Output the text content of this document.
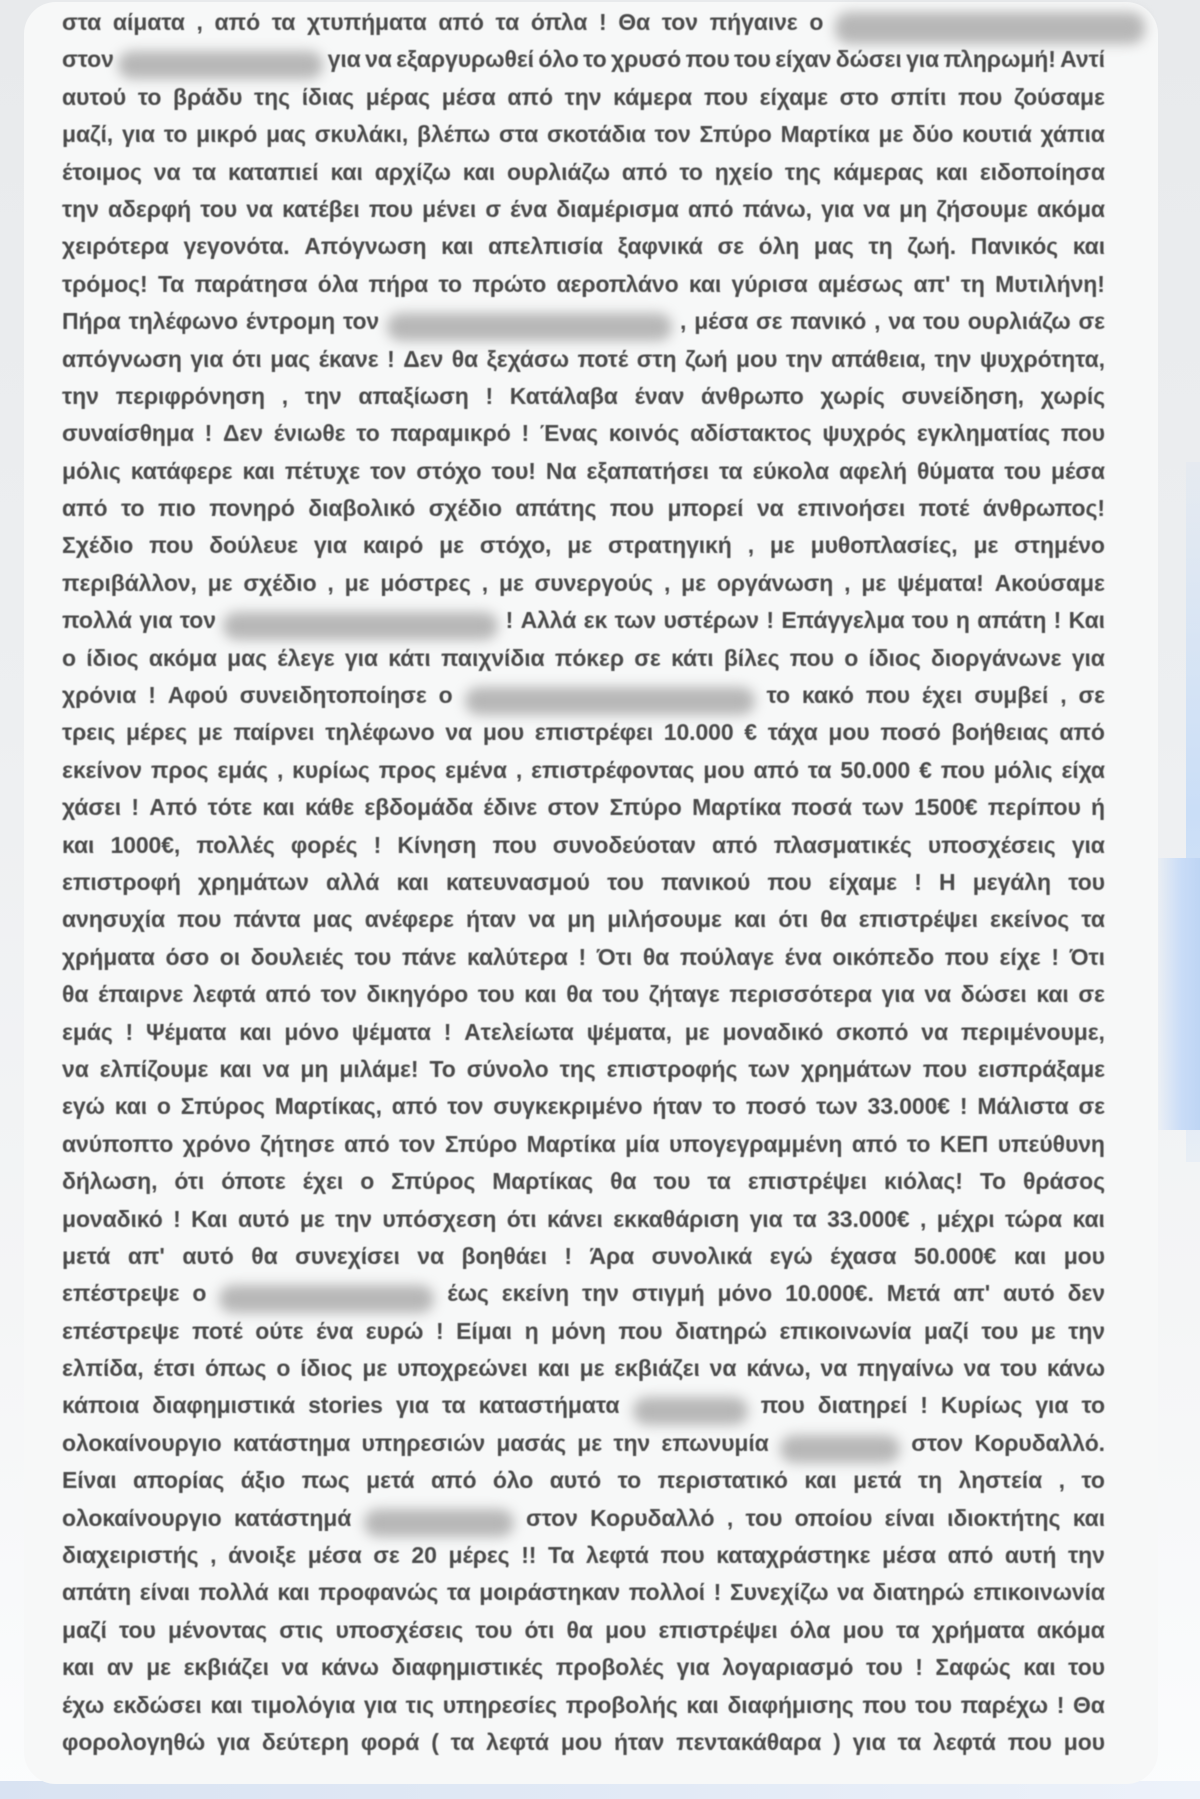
στα αίματα , από τα χτυπήματα από τα όπλα ! Θα τον πήγαινε ο
στον	για να εξαργυρωθεί όλο το χρυσό που του είχαν δώσει για πληρωμή! Αντί
αυτού το βράδυ της ίδιας μέρας μέσα από την κάμερα που είχαμε στο σπίτι που ζούσαμε
μαζί, για το μικρό μας σκυλάκι, βλέπω στα σκοτάδια τον Σπύρο Μαρτίκα με δύο κουτιά χάπια
έτοιμος να τα καταπιεί και αρχίζω και ουρλιάζω από το ηχείο της κάμερας και ειδοποίησα
την αδερφή του να κατέβει που μένει σ ένα διαμέρισμα από πάνω, για να μη ζήσουμε ακόμα
χειρότερα γεγονότα. Απόγνωση και απελπισία ξαφνικά σε όλη μας τη ζωή. Πανικός και
τρόμος! Τα παράτησα όλα πήρα το πρώτο αεροπλάνο και γύρισα αμέσως απ' τη Μυτιλήνη!
Πήρα τηλέφωνο έντρομη τον	, μέσα σε πανικό , να του ουρλιάζω σε
απόγνωση για ότι μας έκανε ! Δεν θα ξεχάσω ποτέ στη ζωή μου την απάθεια, την ψυχρότητα,
την περιφρόνηση , την απαξίωση ! Κατάλαβα έναν άνθρωπο χωρίς συνείδηση, χωρίς
συναίσθημα ! Δεν ένιωθε το παραμικρό ! Ένας κοινός αδίστακτος ψυχρός εγκληματίας που
μόλις κατάφερε και πέτυχε τον στόχο του! Να εξαπατήσει τα εύκολα αφελή θύματα του μέσα
από το πιο πονηρό διαβολικό σχέδιο απάτης που μπορεί να επινοήσει ποτέ άνθρωπος!
Σχέδιο που δούλευε για καιρό με στόχο, με στρατηγική , με μυθοπλασίες, με στημένο
περιβάλλον, με σχέδιο , με μόστρες , με συνεργούς , με οργάνωση , με ψέματα! Ακούσαμε
πολλά για τον	! Αλλά εκ των υστέρων ! Επάγγελμα του η απάτη ! Και
ο ίδιος ακόμα μας έλεγε για κάτι παιχνίδια πόκερ σε κάτι βίλες που ο ίδιος διοργάνωνε για
χρόνια ! Αφού συνειδητοποίησε ο	το κακό που έχει συμβεί , σε
τρεις μέρες με παίρνει τηλέφωνο να μου επιστρέφει 10.000 € τάχα μου ποσό βοήθειας από
εκείνον προς εμάς , κυρίως προς εμένα , επιστρέφοντας μου από τα 50.000 € που μόλις είχα
χάσει ! Από τότε και κάθε εβδομάδα έδινε στον Σπύρο Μαρτίκα ποσά των 1500€ περίπου ή
και 1000€, πολλές φορές ! Κίνηση που συνοδεύοταν από πλασματικές υποσχέσεις για
επιστροφή χρημάτων αλλά και κατευνασμού του πανικού που είχαμε ! Η μεγάλη του
ανησυχία που πάντα μας ανέφερε ήταν να μη μιλήσουμε και ότι θα επιστρέψει εκείνος τα
χρήματα όσο οι δουλειές του πάνε καλύτερα ! Ότι θα πούλαγε ένα οικόπεδο που είχε ! Ότι
θα έπαιρνε λεφτά από τον δικηγόρο του και θα του ζήταγε περισσότερα για να δώσει και σε
εμάς ! Ψέματα και μόνο ψέματα ! Ατελείωτα ψέματα, με μοναδικό σκοπό να περιμένουμε,
να ελπίζουμε και να μη μιλάμε! Το σύνολο της επιστροφής των χρημάτων που εισπράξαμε
εγώ και ο Σπύρος Μαρτίκας, από τον συγκεκριμένο ήταν το ποσό των 33.000€ ! Μάλιστα σε
ανύποπτο χρόνο ζήτησε από τον Σπύρο Μαρτίκα μία υπογεγραμμένη από το ΚΕΠ υπεύθυνη
δήλωση, ότι όποτε έχει ο Σπύρος Μαρτίκας θα του τα επιστρέψει κιόλας! Το θράσος
μοναδικό ! Και αυτό με την υπόσχεση ότι κάνει εκκαθάριση για τα 33.000€ , μέχρι τώρα και
μετά απ' αυτό θα συνεχίσει να βοηθάει ! Άρα συνολικά εγώ έχασα 50.000€ και μου
επέστρεψε ο	έως εκείνη την στιγμή μόνο 10.000€. Μετά απ' αυτό δεν
επέστρεψε ποτέ ούτε ένα ευρώ ! Είμαι η μόνη που διατηρώ επικοινωνία μαζί του με την
ελπίδα, έτσι όπως ο ίδιος με υποχρεώνει και με εκβιάζει να κάνω, να πηγαίνω να του κάνω
κάποια διαφημιστικά stories για τα καταστήματα	που διατηρεί ! Κυρίως για το
ολοκαίνουργιο κατάστημα υπηρεσιών μασάς με την επωνυμία	στον Κορυδαλλό.
Είναι απορίας άξιο πως μετά από όλο αυτό το περιστατικό και μετά τη ληστεία , το
ολοκαίνουργιο κατάστημά	στον Κορυδαλλό , του οποίου είναι ιδιοκτήτης και
διαχειριστής , άνοιξε μέσα σε 20 μέρες !! Τα λεφτά που καταχράστηκε μέσα από αυτή την
απάτη είναι πολλά και προφανώς τα μοιράστηκαν πολλοί ! Συνεχίζω να διατηρώ επικοινωνία
μαζί του μένοντας στις υποσχέσεις του ότι θα μου επιστρέψει όλα μου τα χρήματα ακόμα
και αν με εκβιάζει να κάνω διαφημιστικές προβολές για λογαριασμό του ! Σαφώς και του
έχω εκδώσει και τιμολόγια για τις υπηρεσίες προβολής και διαφήμισης που του παρέχω ! Θα
φορολογηθώ για δεύτερη φορά ( τα λεφτά μου ήταν πεντακάθαρα ) για τα λεφτά που μου
